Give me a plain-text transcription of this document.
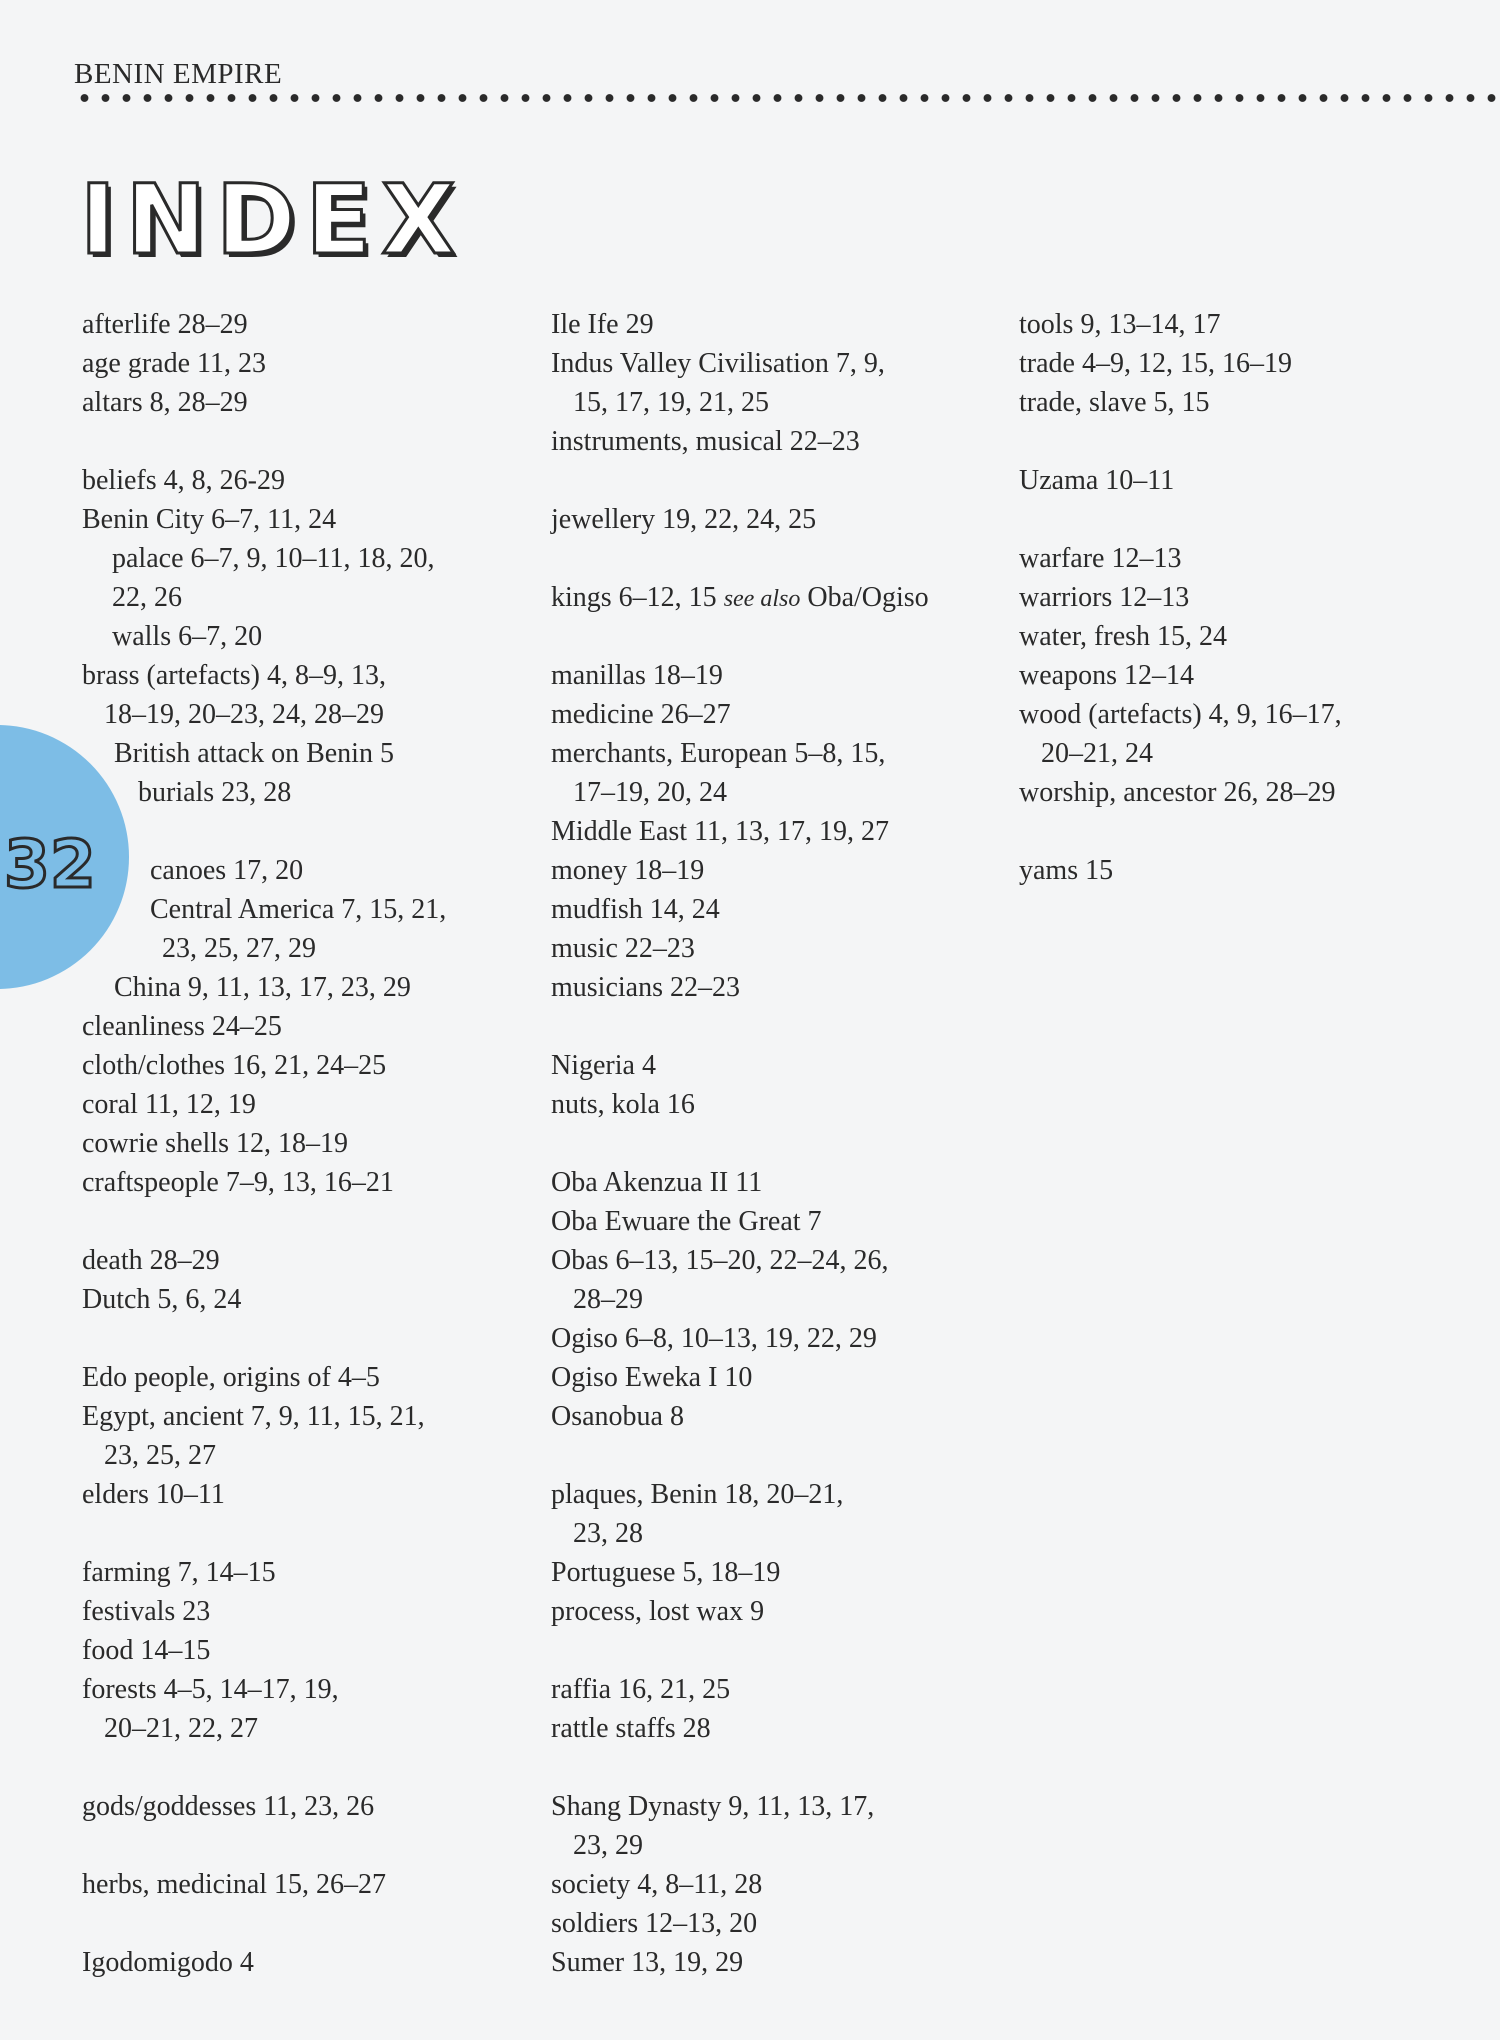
BENIN EMPIRE
INDEX
32
afterlife 28–29
age grade 11, 23
altars 8, 28–29
beliefs 4, 8, 26-29
Benin City 6–7, 11, 24
palace 6–7, 9, 10–11, 18, 20,
22, 26
walls 6–7, 20
brass (artefacts) 4, 8–9, 13,
18–19, 20–23, 24, 28–29
British attack on Benin 5
burials 23, 28
canoes 17, 20
Central America 7, 15, 21,
23, 25, 27, 29
China 9, 11, 13, 17, 23, 29
cleanliness 24–25
cloth/clothes 16, 21, 24–25
coral 11, 12, 19
cowrie shells 12, 18–19
craftspeople 7–9, 13, 16–21
death 28–29
Dutch 5, 6, 24
Edo people, origins of 4–5
Egypt, ancient 7, 9, 11, 15, 21,
23, 25, 27
elders 10–11
farming 7, 14–15
festivals 23
food 14–15
forests 4–5, 14–17, 19,
20–21, 22, 27
gods/goddesses 11, 23, 26
herbs, medicinal 15, 26–27
Igodomigodo 4
Ile Ife 29
Indus Valley Civilisation 7, 9,
15, 17, 19, 21, 25
instruments, musical 22–23
jewellery 19, 22, 24, 25
kings 6–12, 15 see also Oba/Ogiso
manillas 18–19
medicine 26–27
merchants, European 5–8, 15,
17–19, 20, 24
Middle East 11, 13, 17, 19, 27
money 18–19
mudfish 14, 24
music 22–23
musicians 22–23
Nigeria 4
nuts, kola 16
Oba Akenzua II 11
Oba Ewuare the Great 7
Obas 6–13, 15–20, 22–24, 26,
28–29
Ogiso 6–8, 10–13, 19, 22, 29
Ogiso Eweka I 10
Osanobua 8
plaques, Benin 18, 20–21,
23, 28
Portuguese 5, 18–19
process, lost wax 9
raffia 16, 21, 25
rattle staffs 28
Shang Dynasty 9, 11, 13, 17,
23, 29
society 4, 8–11, 28
soldiers 12–13, 20
Sumer 13, 19, 29
tools 9, 13–14, 17
trade 4–9, 12, 15, 16–19
trade, slave 5, 15
Uzama 10–11
warfare 12–13
warriors 12–13
water, fresh 15, 24
weapons 12–14
wood (artefacts) 4, 9, 16–17,
20–21, 24
worship, ancestor 26, 28–29
yams 15
